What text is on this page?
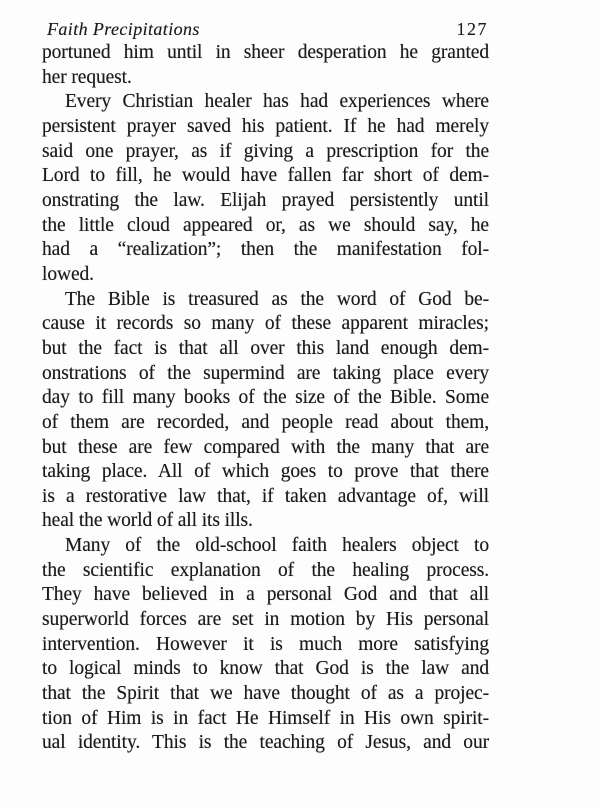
Faith Precipitations	127
portuned him until in sheer desperation he granted
her request.
Every Christian healer has had experiences where
persistent prayer saved his patient. If he had merely
said one prayer, as if giving a prescription for the
Lord to fill, he would have fallen far short of dem-
onstrating the law. Elijah prayed persistently until
the little cloud appeared or, as we should say, he
had a “realization”; then the manifestation fol-
lowed.
The Bible is treasured as the word of God be-
cause it records so many of these apparent miracles;
but the fact is that all over this land enough dem-
onstrations of the supermind are taking place every
day to fill many books of the size of the Bible. Some
of them are recorded, and people read about them,
but these are few compared with the many that are
taking place. All of which goes to prove that there
is a restorative law that, if taken advantage of, will
heal the world of all its ills.
Many of the old-school faith healers object to
the scientific explanation of the healing process.
They have believed in a personal God and that all
superworld forces are set in motion by His personal
intervention. However it is much more satisfying
to logical minds to know that God is the law and
that the Spirit that we have thought of as a projec-
tion of Him is in fact He Himself in His own spirit-
ual identity. This is the teaching of Jesus, and our
